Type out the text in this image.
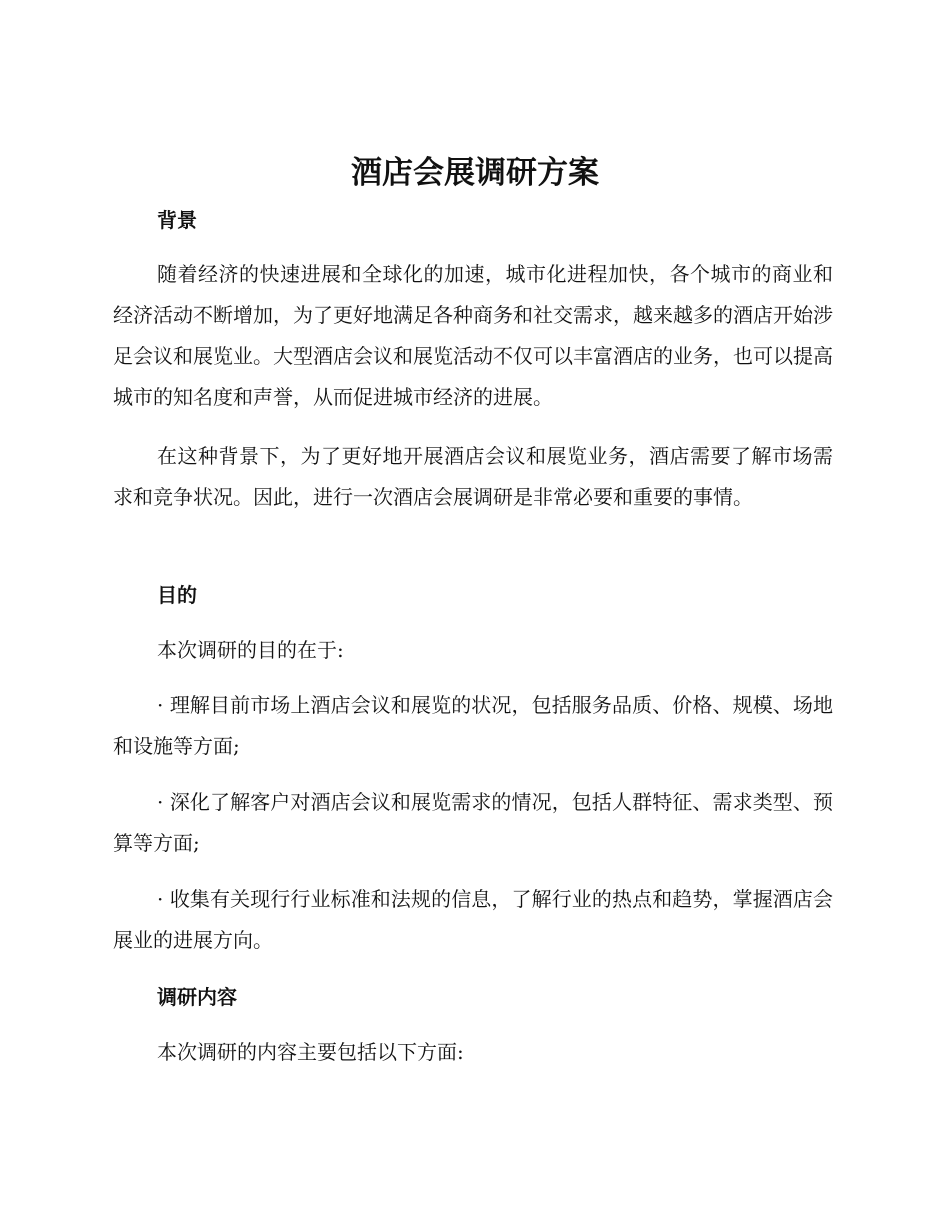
酒店会展调研方案
背景

随着经济的快速进展和全球化的加速，城市化进程加快，各个城市的商业和经济活动不断增加，为了更好地满足各种商务和社交需求，越来越多的酒店开始涉足会议和展览业。大型酒店会议和展览活动不仅可以丰富酒店的业务，也可以提高城市的知名度和声誉，从而促进城市经济的进展。

在这种背景下，为了更好地开展酒店会议和展览业务，酒店需要了解市场需求和竞争状况。因此，进行一次酒店会展调研是非常必要和重要的事情。

目的

本次调研的目的在于:

· 理解目前市场上酒店会议和展览的状况，包括服务品质、价格、规模、场地和设施等方面;

· 深化了解客户对酒店会议和展览需求的情况，包括人群特征、需求类型、预算等方面;

· 收集有关现行行业标准和法规的信息，了解行业的热点和趋势，掌握酒店会展业的进展方向。

调研内容

本次调研的内容主要包括以下方面:
